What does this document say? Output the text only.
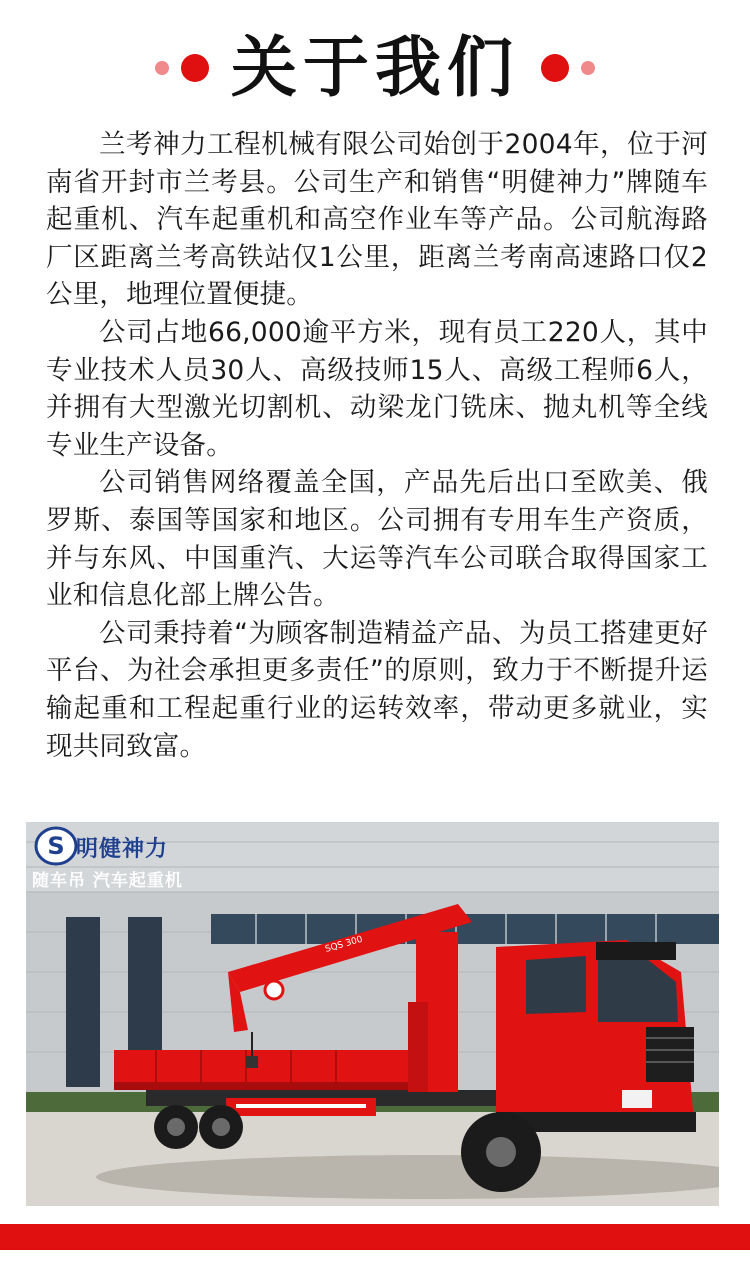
关于我们

兰考神力工程机械有限公司始创于2004年，位于河南省开封市兰考县。公司生产和销售“明健神力”牌随车起重机、汽车起重机和高空作业车等产品。公司航海路厂区距离兰考高铁站仅1公里，距离兰考南高速路口仅2公里，地理位置便捷。

公司占地66,000逾平方米，现有员工220人，其中专业技术人员30人、高级技师15人、高级工程师6人，并拥有大型激光切割机、动梁龙门铣床、抛丸机等全线专业生产设备。

公司销售网络覆盖全国，产品先后出口至欧美、俄罗斯、泰国等国家和地区。公司拥有专用车生产资质，并与东风、中国重汽、大运等汽车公司联合取得国家工业和信息化部上牌公告。

公司秉持着“为顾客制造精益产品、为员工搭建更好平台、为社会承担更多责任”的原则，致力于不断提升运输起重和工程起重行业的运转效率，带动更多就业，实现共同致富。

SQS 300
S 明健神力
随车吊 汽车起重机
